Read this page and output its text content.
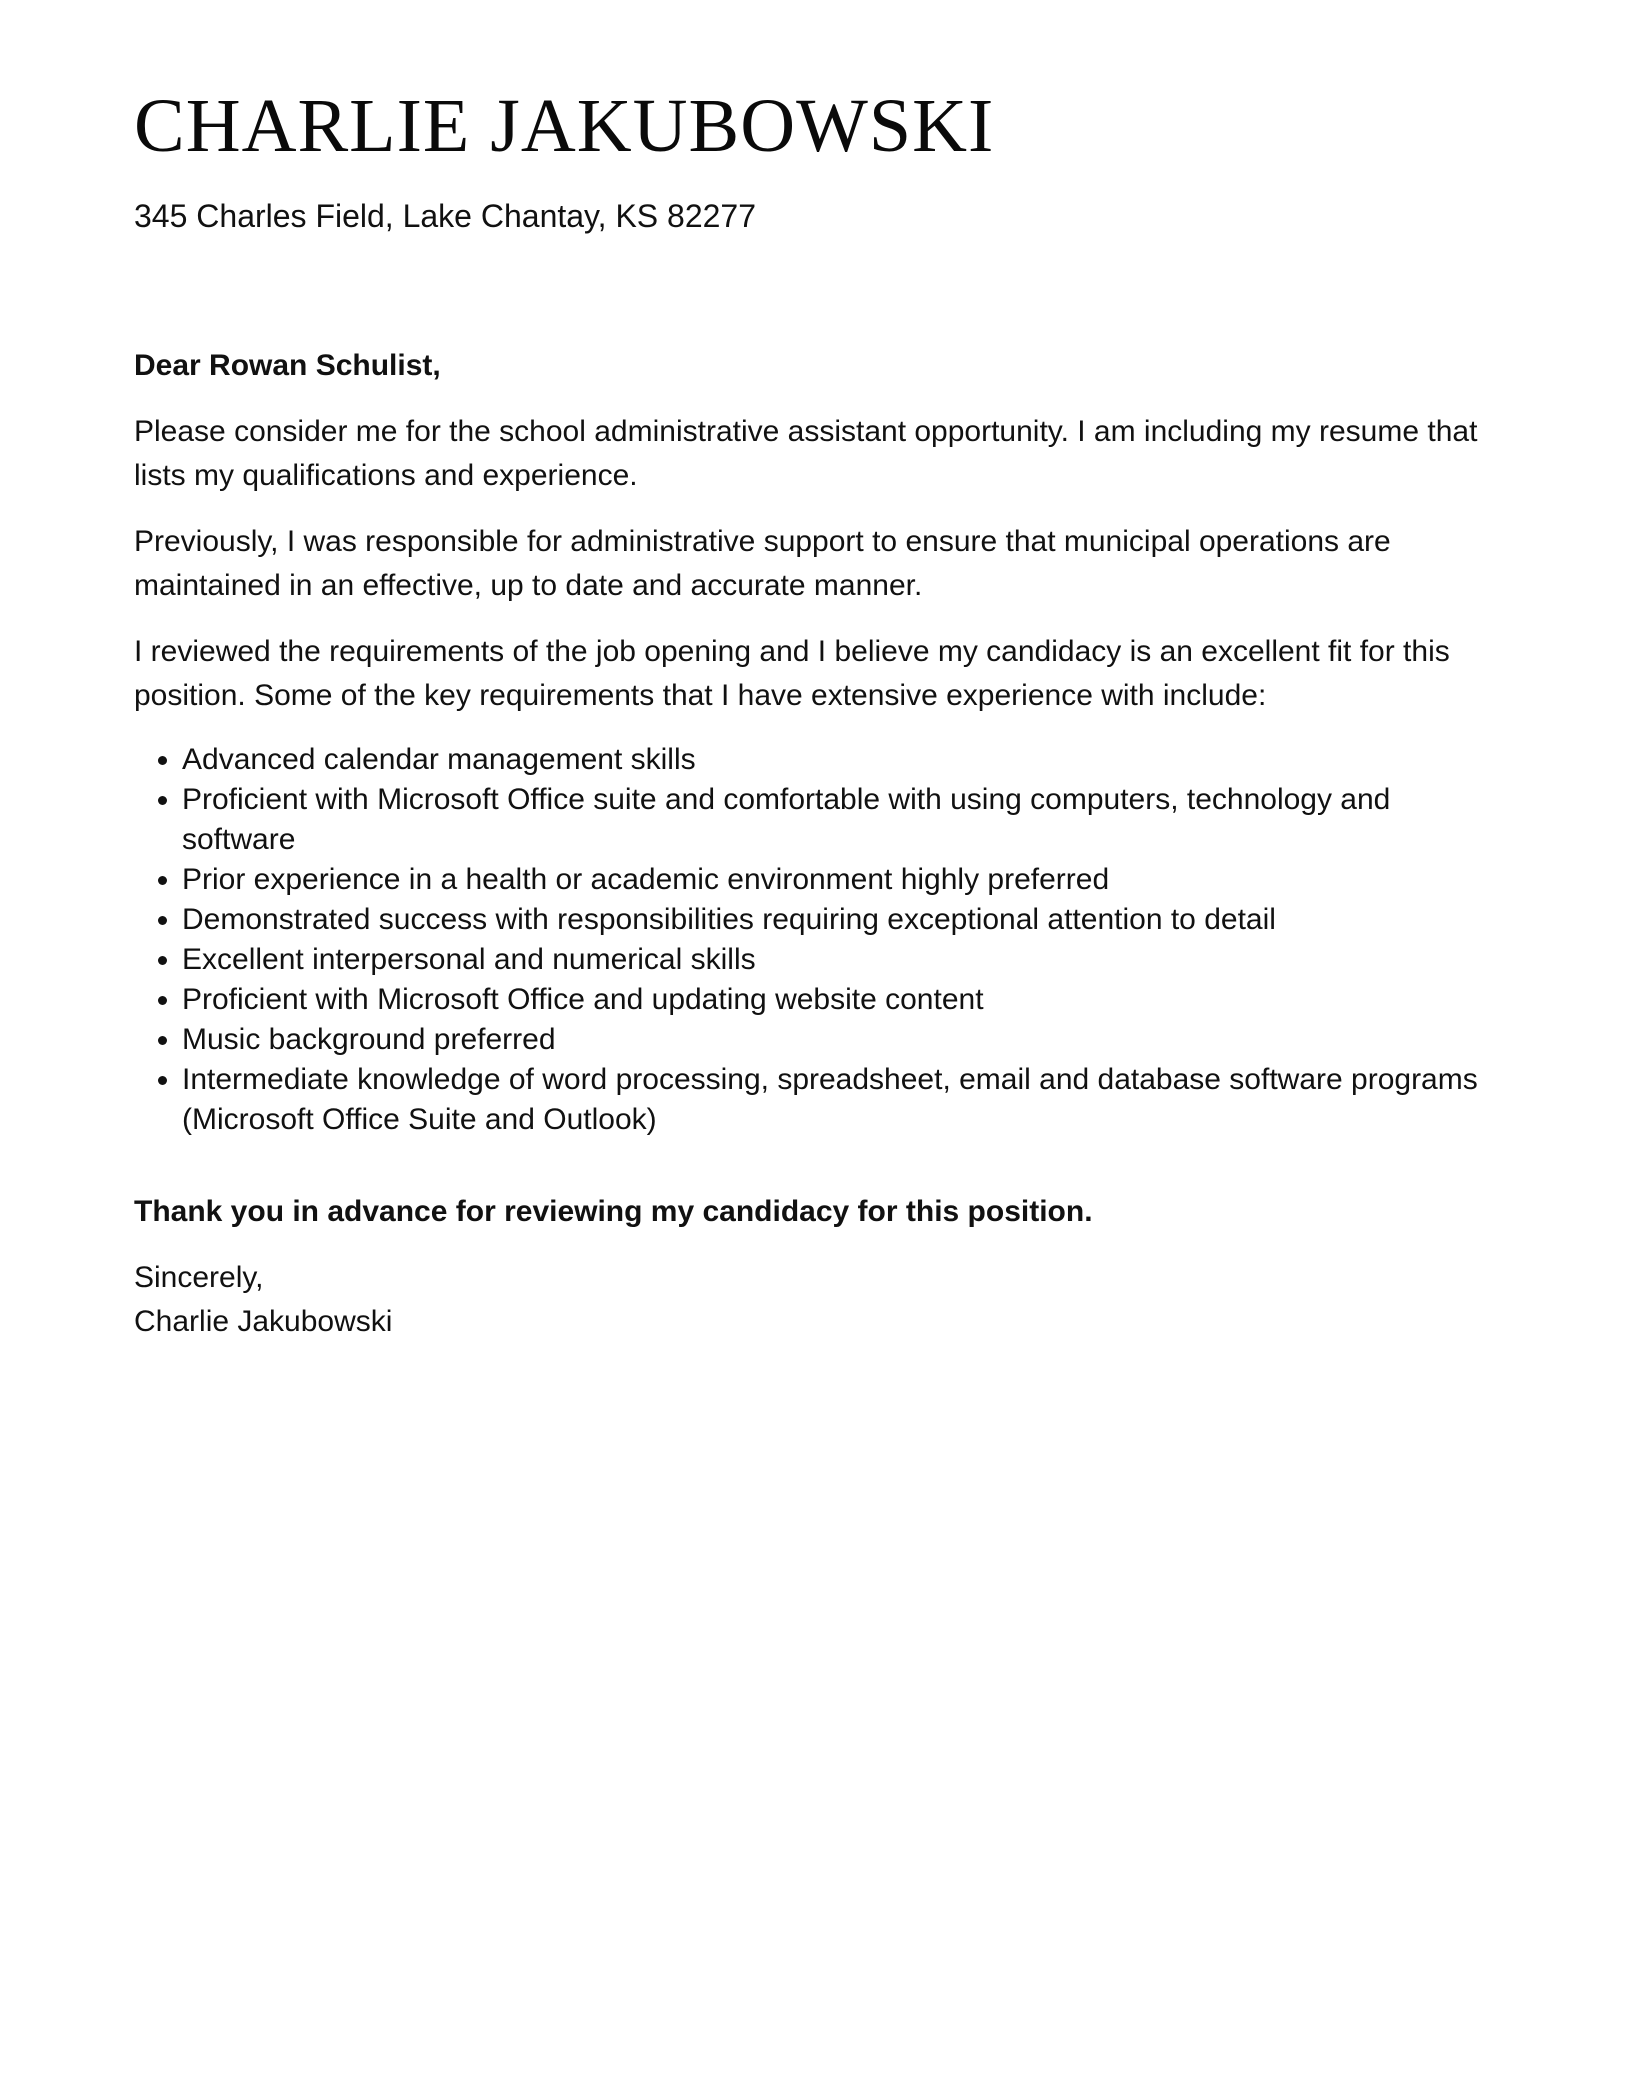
CHARLIE JAKUBOWSKI
345 Charles Field, Lake Chantay, KS 82277

Dear Rowan Schulist,

Please consider me for the school administrative assistant opportunity. I am including my resume that lists my qualifications and experience.

Previously, I was responsible for administrative support to ensure that municipal operations are maintained in an effective, up to date and accurate manner.

I reviewed the requirements of the job opening and I believe my candidacy is an excellent fit for this position. Some of the key requirements that I have extensive experience with include:

• Advanced calendar management skills
• Proficient with Microsoft Office suite and comfortable with using computers, technology and software
• Prior experience in a health or academic environment highly preferred
• Demonstrated success with responsibilities requiring exceptional attention to detail
• Excellent interpersonal and numerical skills
• Proficient with Microsoft Office and updating website content
• Music background preferred
• Intermediate knowledge of word processing, spreadsheet, email and database software programs (Microsoft Office Suite and Outlook)

Thank you in advance for reviewing my candidacy for this position.

Sincerely,
Charlie Jakubowski
